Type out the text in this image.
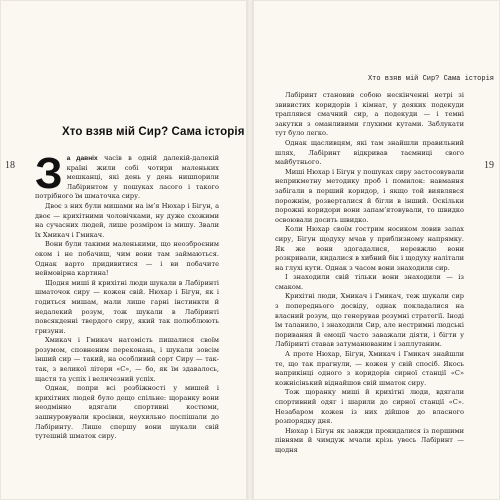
18
Хто взяв мій Сир? Сама історія

З а давніх часів в одній далекій-далекій країні жили собі чотири маленьких мешканці, які день у день нишпорили Лабіринтом у пошуках ласого і такого потрібного їм шматочка сиру.

Двоє з них були мишами на ім’я Нюхар і Бігун, а двоє — крихітними чоловічками, ну дуже схожими на сучасних людей, лише розміром із мишу. Звали їх Хмикач і Гмикач.

Вони були такими маленькими, що неозброєним оком і не побачиш, чим вони там займаються. Однак варто придивитися — і ви побачите неймовірна картина!

Щодня миші й крихітні люди шукали в Лабіринті шматочок сиру — кожен свій. Нюхар і Бігун, як і годиться мишам, мали лише гарні інстинкти й недалекий розум, тож шукали в Лабіринті повсякденні твердого сиру, який так полюблюють гризуни.

Хмикач і Гмикач натомість пишалися своїм розумом, сповненим переконань, і шукали зовсім інший сир — такий, на особливий сорт Сиру — так-так, з великої літери «С», — бо, як їм здавалось, щастя та успіх і величезний успіх.

Однак, попри всі розбіжності у мишей і крихітних людей було дещо спільне: щоранку вони неодмінно вдягали спортивні костюми, зашнуровували кросівки, неухильно поспішали до Лабіринту. Лише спершу вони шукали свій тутешній шматок сиру.

Хто взяв мій Сир? Сама історія
19

Лабіринт становив собою нескінченні нетрі зі звивистих коридорів і кімнат, у деяких подекуди траплявся смачний сир, а подекуди — і темні закутки з оманливими глухими кутами. Заблукати тут було легко.

Однак щасливцям, які там знайшли правильний шлях, Лабіринт відкривав таємниці свого майбутнього.

Миші Нюхар і Бігун у пошуках сиру застосовували неприкметну методику проб і помилок: навмання забігали в перший коридор, і якщо той виявлявся порожнім, розверталися й бігли в інший. Оскільки порожні коридори вони запам’ятовували, то швидко освоювали досить швидко.

Коли Нюхар своїм гострим носиком ловив запах сиру, Бігун щодуху мчав у приблизному напрямку. Як же вони здогадалися, неревжлю вони розкривали, кидалися в хибний бік і щодуху налітали на глухі кути. Однак з часом вони знаходили сир.

І знаходили свій тільки вони знаходили — із смаком.

Крихітні люди, Хмикач і Гмикач, теж шукали сир з попереднього досвіду, однак покладалися на власний розум, що генерував розумні стратегії. Іноді їм таланило, і знаходили Сир, але нестримні людські поривання й емоції часто заважали діяти, і бігти у Лабіринті ставав затуманюваним і заплутаним.

А проте Нюхар, Бігун, Хмикач і Гмикач знайшли те, що так прагнули, — кожен у свій спосіб. Якось наприкінці одного з коридорів сирної станції «С» кожнісінький віднайшов свій шматок сиру.

Тож щоранку миші й крихітні люди, вдягали спортивний одяг і шарили до сирної станції «С». Незабаром кожен із них дійшов до власного розпорядку дня.

Нюхар і Бігун як завжди прокидалися із першими півнями й чимдуж мчали крізь увесь Лабіринт — щодня
